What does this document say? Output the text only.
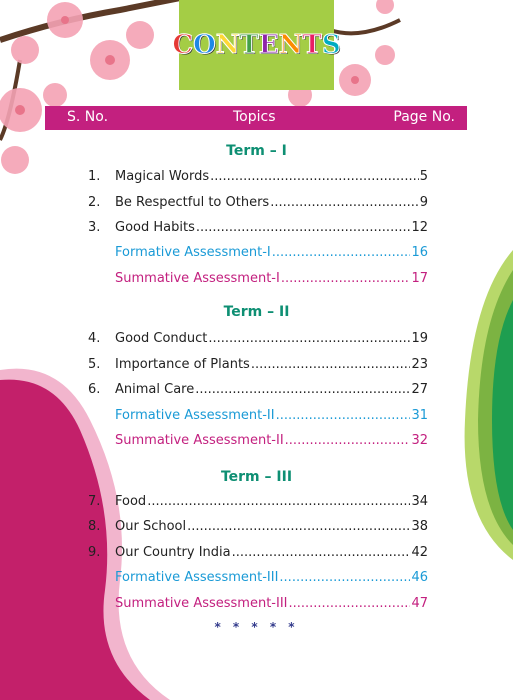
CONTENTS
S. No.	Topics	Page No.
Term – I
1.	Magical Words .....	5
2.	Be Respectful to Others .....	9
3.	Good Habits .....	12
Formative Assessment-I .....	16
Summative Assessment-I .....	17
Term – II
4.	Good Conduct .....	19
5.	Importance of Plants .....	23
6.	Animal Care .....	27
Formative Assessment-II .....	31
Summative Assessment-II .....	32
Term – III
7.	Food .....	34
8.	Our School .....	38
9.	Our Country India .....	42
Formative Assessment-III .....	46
Summative Assessment-III .....	47
* * * * *
